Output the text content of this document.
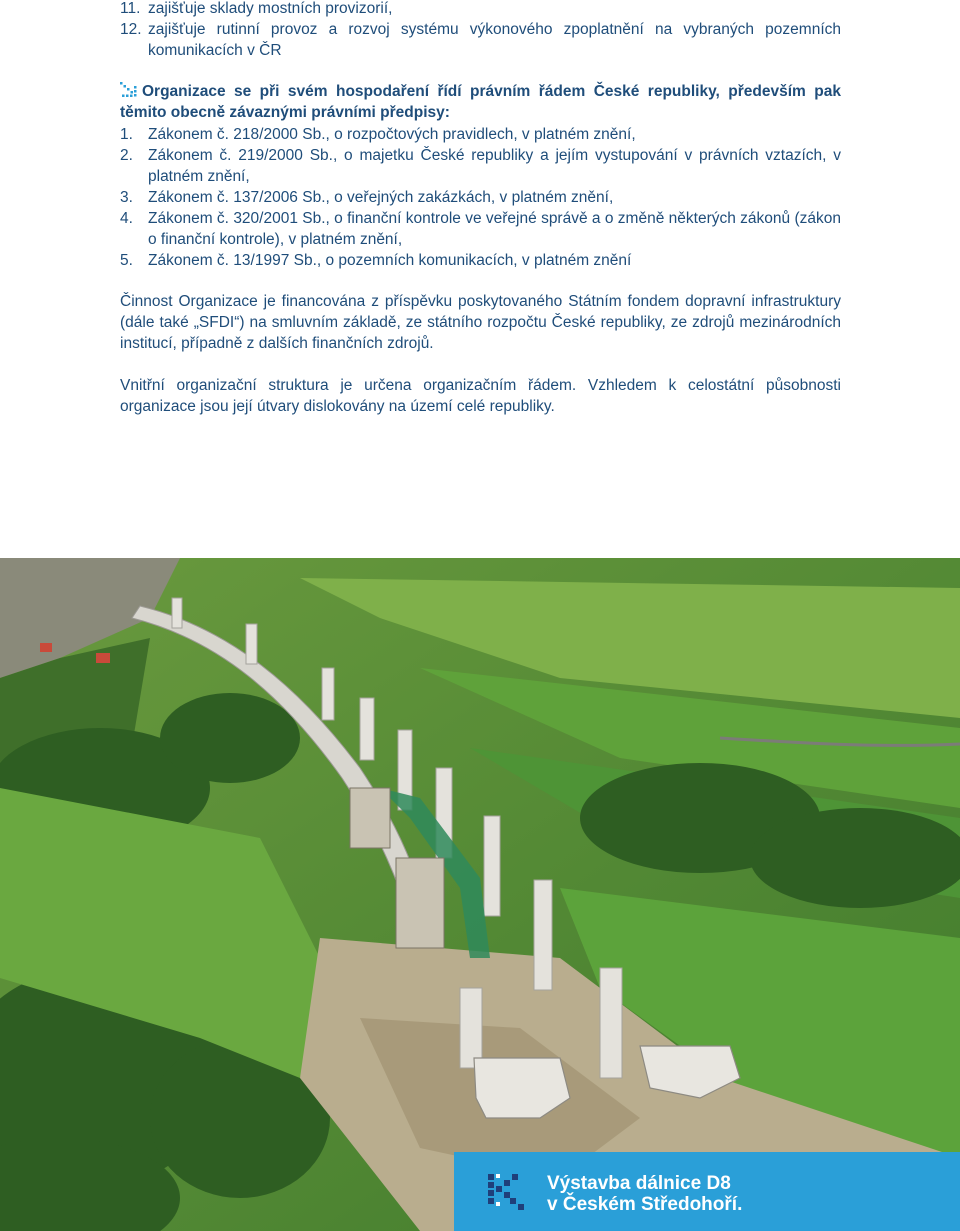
11. zajišťuje sklady mostních provizorií,
12. zajišťuje rutinní provoz a rozvoj systému výkonového zpoplatnění na vybraných pozemních komunikacích v ČR
Organizace se při svém hospodaření řídí právním řádem České republiky, především pak těmito obecně závaznými právními předpisy:
1. Zákonem č. 218/2000 Sb., o rozpočtových pravidlech, v platném znění,
2. Zákonem č. 219/2000 Sb., o majetku České republiky a jejím vystupování v právních vztazích, v platném znění,
3. Zákonem č. 137/2006 Sb., o veřejných zakázkách, v platném znění,
4. Zákonem č. 320/2001 Sb., o finanční kontrole ve veřejné správě a o změně některých zákonů (zákon o finanční kontrole), v platném znění,
5. Zákonem č. 13/1997 Sb., o pozemních komunikacích, v platném znění

Činnost Organizace je financována z příspěvku poskytovaného Státním fondem dopravní infrastruktury (dále také „SFDI“) na smluvním základě, ze státního rozpočtu České republiky, ze zdrojů mezinárodních institucí, případně z dalších finančních zdrojů.

Vnitřní organizační struktura je určena organizačním řádem. Vzhledem k celostátní působnosti organizace jsou její útvary dislokovány na území celé republiky.

Výstavba dálnice D8
v Českém Středohoří.
